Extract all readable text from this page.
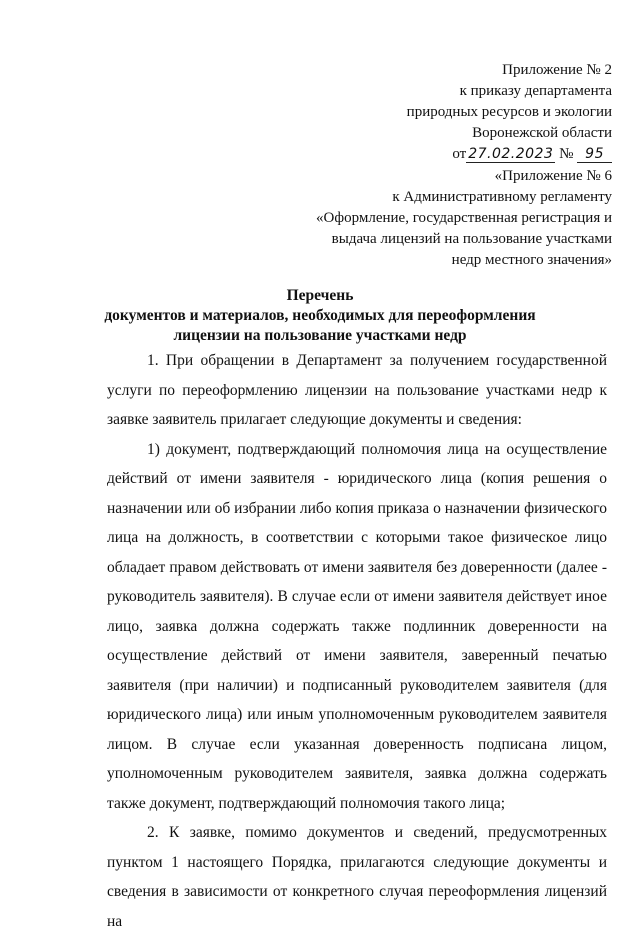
Приложение № 2
к приказу департамента
природных ресурсов и экологии
Воронежской области
от 27.02.2023 № 95
«Приложение № 6
к Административному регламенту
«Оформление, государственная регистрация и
выдача лицензий на пользование участками
недр местного значения»
Перечень
документов и материалов, необходимых для переоформления
лицензии на пользование участками недр

1. При обращении в Департамент за получением государственной услуги по переоформлению лицензии на пользование участками недр к заявке заявитель прилагает следующие документы и сведения:

1) документ, подтверждающий полномочия лица на осуществление действий от имени заявителя - юридического лица (копия решения о назначении или об избрании либо копия приказа о назначении физического лица на должность, в соответствии с которыми такое физическое лицо обладает правом действовать от имени заявителя без доверенности (далее - руководитель заявителя). В случае если от имени заявителя действует иное лицо, заявка должна содержать также подлинник доверенности на осуществление действий от имени заявителя, заверенный печатью заявителя (при наличии) и подписанный руководителем заявителя (для юридического лица) или иным уполномоченным руководителем заявителя лицом. В случае если указанная доверенность подписана лицом, уполномоченным руководителем заявителя, заявка должна содержать также документ, подтверждающий полномочия такого лица;

2. К заявке, помимо документов и сведений, предусмотренных пунктом 1 настоящего Порядка, прилагаются следующие документы и сведения в зависимости от конкретного случая переоформления лицензий на
